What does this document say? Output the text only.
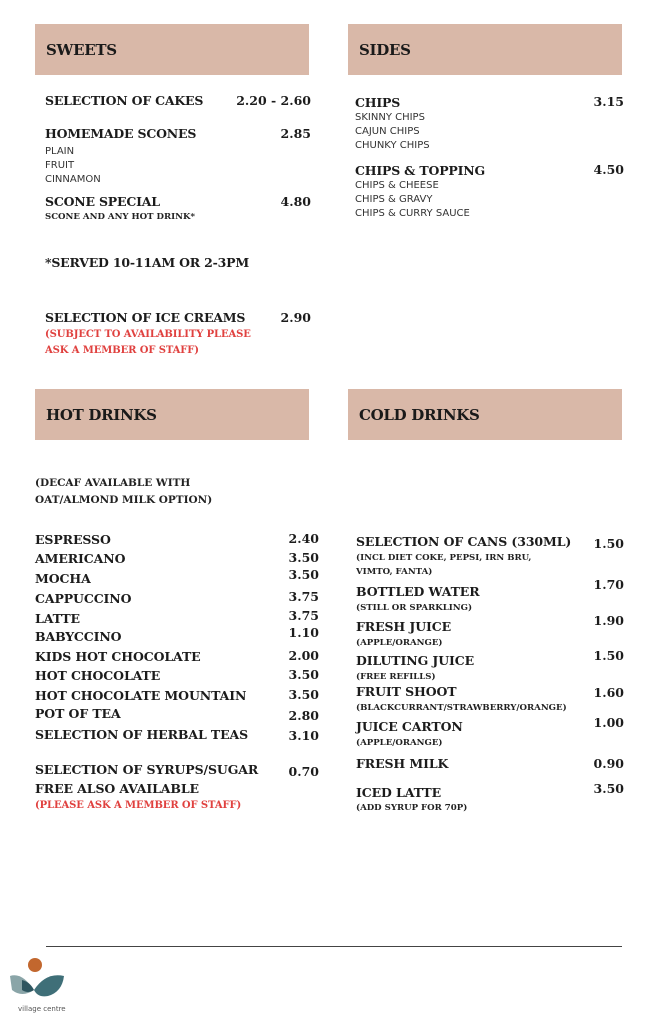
SWEETS
SELECTION OF CAKES	2.20 - 2.60
HOMEMADE SCONES	2.85
PLAIN
FRUIT
CINNAMON
SCONE SPECIAL	4.80
SCONE AND ANY HOT DRINK*
*SERVED 10-11AM OR 2-3PM
SELECTION OF ICE CREAMS	2.90
(SUBJECT TO AVAILABILITY PLEASE
ASK A MEMBER OF STAFF)
SIDES
CHIPS	3.15
SKINNY CHIPS
CAJUN CHIPS
CHUNKY CHIPS
CHIPS & TOPPING	4.50
CHIPS & CHEESE
CHIPS & GRAVY
CHIPS & CURRY SAUCE
HOT DRINKS
(DECAF AVAILABLE WITH
OAT/ALMOND MILK OPTION)
ESPRESSO	2.40
AMERICANO	3.50
MOCHA	3.50
CAPPUCCINO	3.75
LATTE	3.75
BABYCCINO	1.10
KIDS HOT CHOCOLATE	2.00
HOT CHOCOLATE	3.50
HOT CHOCOLATE MOUNTAIN	3.50
POT OF TEA	2.80
SELECTION OF HERBAL TEAS	3.10
SELECTION OF SYRUPS/SUGAR 0.70
FREE ALSO AVAILABLE
(PLEASE ASK A MEMBER OF STAFF)
COLD DRINKS
SELECTION OF CANS (330ML) 1.50
(INCL DIET COKE, PEPSI, IRN BRU,
VIMTO, FANTA)
BOTTLED WATER	1.70
(STILL OR SPARKLING)
FRESH JUICE	1.90
(APPLE/ORANGE)
DILUTING JUICE	1.50
(FREE REFILLS)
FRUIT SHOOT	1.60
(BLACKCURRANT/STRAWBERRY/ORANGE)
JUICE CARTON	1.00
(APPLE/ORANGE)
FRESH MILK	0.90
ICED LATTE	3.50
(ADD SYRUP FOR 70P)
village centre
